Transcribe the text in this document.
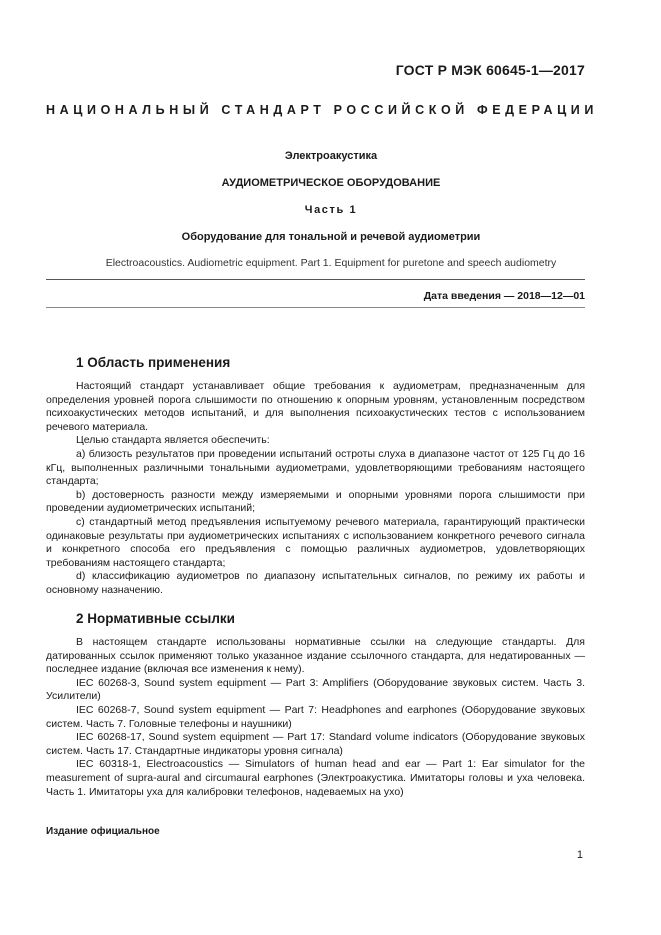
ГОСТ Р МЭК 60645-1—2017
НАЦИОНАЛЬНЫЙ СТАНДАРТ РОССИЙСКОЙ ФЕДЕРАЦИИ
Электроакустика
АУДИОМЕТРИЧЕСКОЕ ОБОРУДОВАНИЕ
Часть 1
Оборудование для тональной и речевой аудиометрии
Electroacoustics. Audiometric equipment. Part 1. Equipment for puretone and speech audiometry
Дата введения — 2018—12—01
1 Область применения

Настоящий стандарт устанавливает общие требования к аудиометрам, предназначенным для определения уровней порога слышимости по отношению к опорным уровням, установленным посредством психоакустических методов испытаний, и для выполнения психоакустических тестов с использованием речевого материала.

Целью стандарта является обеспечить:

a) близость результатов при проведении испытаний остроты слуха в диапазоне частот от 125 Гц до 16 кГц, выполненных различными тональными аудиометрами, удовлетворяющими требованиям настоящего стандарта;

b) достоверность разности между измеряемыми и опорными уровнями порога слышимости при проведении аудиометрических испытаний;

c) стандартный метод предъявления испытуемому речевого материала, гарантирующий практически одинаковые результаты при аудиометрических испытаниях с использованием конкретного речевого сигнала и конкретного способа его предъявления с помощью различных аудиометров, удовлетворяющих требованиям настоящего стандарта;

d) классификацию аудиометров по диапазону испытательных сигналов, по режиму их работы и основному назначению.

2 Нормативные ссылки

В настоящем стандарте использованы нормативные ссылки на следующие стандарты. Для датированных ссылок применяют только указанное издание ссылочного стандарта, для недатированных — последнее издание (включая все изменения к нему).

IEC 60268-3, Sound system equipment — Part 3: Amplifiers (Оборудование звуковых систем. Часть 3. Усилители)

IEC 60268-7, Sound system equipment — Part 7: Headphones and earphones (Оборудование звуковых систем. Часть 7. Головные телефоны и наушники)

IEC 60268-17, Sound system equipment — Part 17: Standard volume indicators (Оборудование звуковых систем. Часть 17. Стандартные индикаторы уровня сигнала)

IEC 60318-1, Electroacoustics — Simulators of human head and ear — Part 1: Ear simulator for the measurement of supra-aural and circumaural earphones (Электроакустика. Имитаторы головы и уха человека. Часть 1. Имитаторы уха для калибровки телефонов, надеваемых на ухо)

Издание официальное
1
